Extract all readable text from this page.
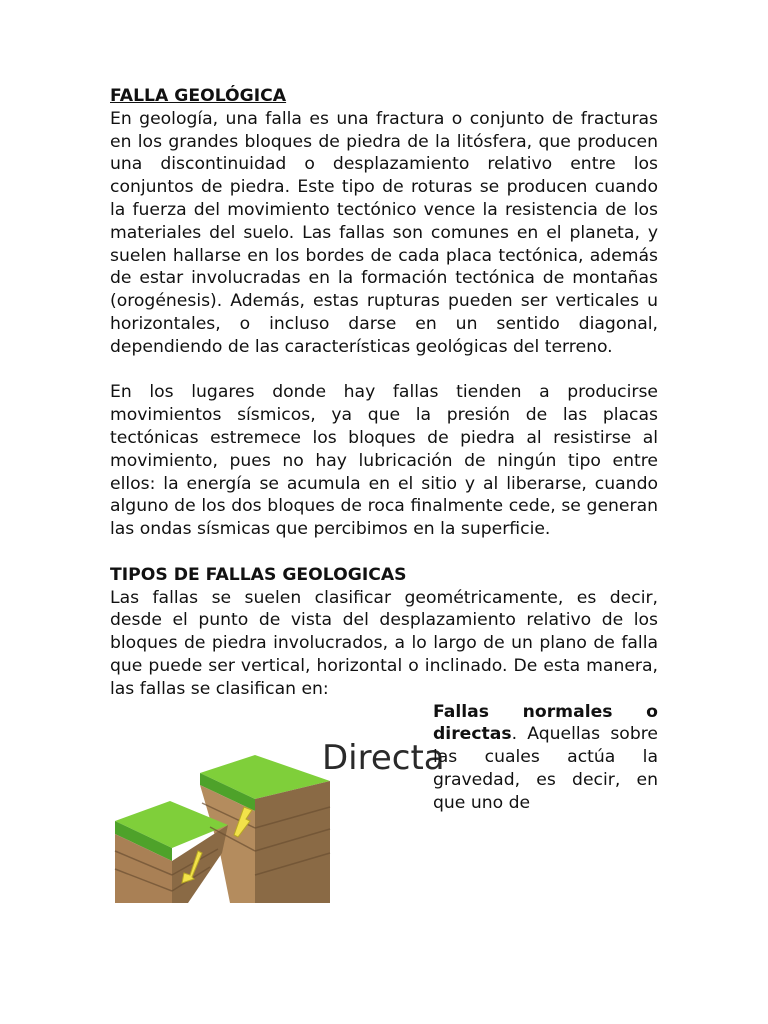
FALLA GEOLÓGICA

En geología, una falla es una fractura o conjunto de fracturas en los grandes bloques de piedra de la litósfera, que producen una discontinuidad o desplazamiento relativo entre los conjuntos de piedra. Este tipo de roturas se producen cuando la fuerza del movimiento tectónico vence la resistencia de los materiales del suelo. Las fallas son comunes en el planeta, y suelen hallarse en los bordes de cada placa tectónica, además de estar involucradas en la formación tectónica de montañas (orogénesis). Además, estas rupturas pueden ser verticales u horizontales, o incluso darse en un sentido diagonal, dependiendo de las características geológicas del terreno.

En los lugares donde hay fallas tienden a producirse movimientos sísmicos, ya que la presión de las placas tectónicas estremece los bloques de piedra al resistirse al movimiento, pues no hay lubricación de ningún tipo entre ellos: la energía se acumula en el sitio y al liberarse, cuando alguno de los dos bloques de roca finalmente cede, se generan las ondas sísmicas que percibimos en la superficie.

TIPOS DE FALLAS GEOLOGICAS

Las fallas se suelen clasificar geométricamente, es decir, desde el punto de vista del desplazamiento relativo de los bloques de piedra involucrados, a lo largo de un plano de falla que puede ser vertical, horizontal o inclinado. De esta manera, las fallas se clasifican en:

Directa

Fallas normales o directas. Aquellas sobre las cuales actúa la gravedad, es decir, en que uno de
